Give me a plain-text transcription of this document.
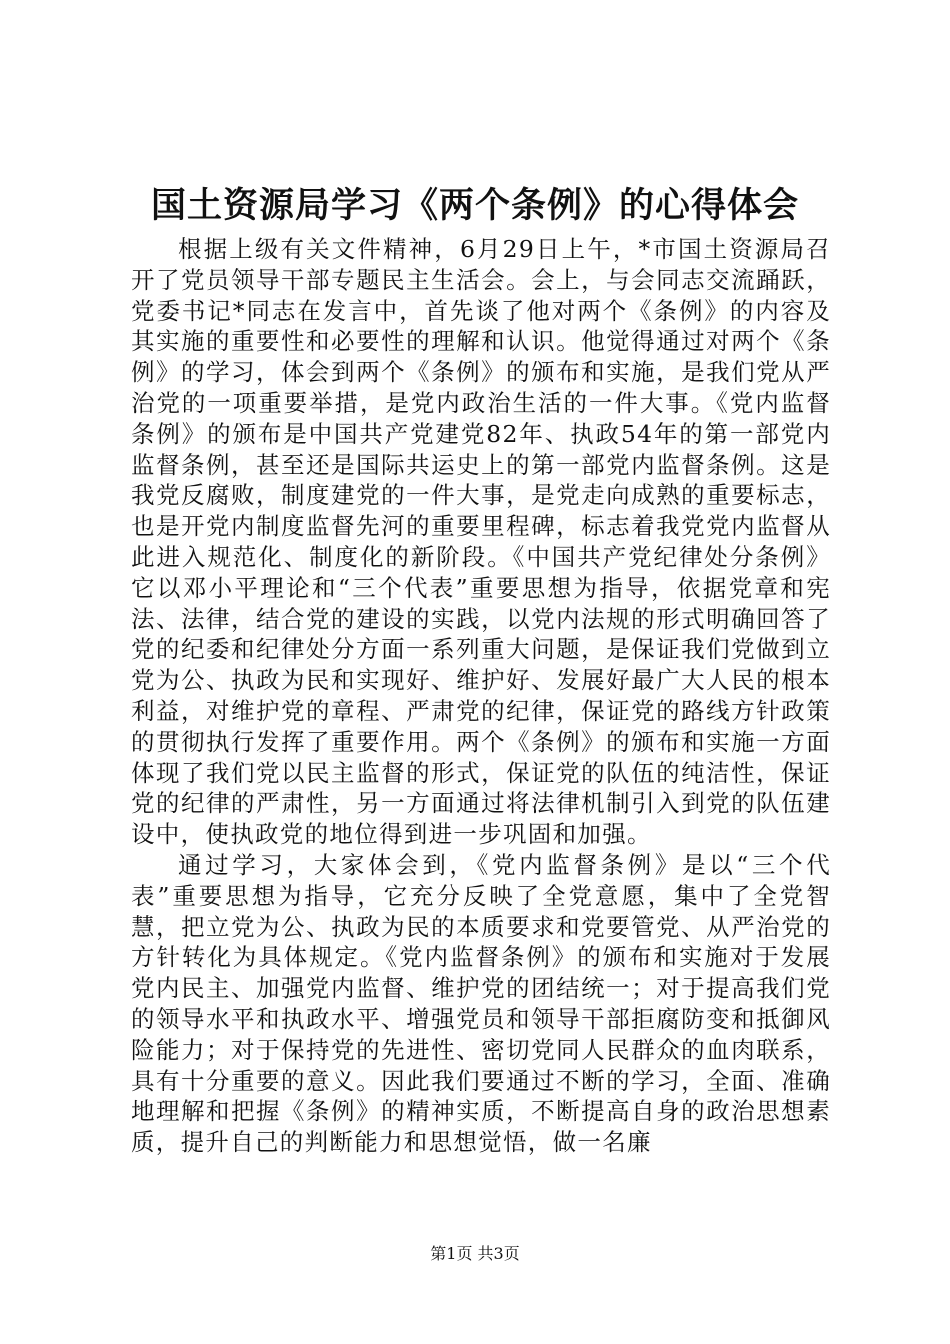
国土资源局学习《两个条例》的心得体会

根据上级有关文件精神，6月29日上午，*市国土资源局召开了党员领导干部专题民主生活会。会上，与会同志交流踊跃，党委书记*同志在发言中，首先谈了他对两个《条例》的内容及其实施的重要性和必要性的理解和认识。他觉得通过对两个《条例》的学习，体会到两个《条例》的颁布和实施，是我们党从严治党的一项重要举措，是党内政治生活的一件大事。《党内监督条例》的颁布是中国共产党建党82年、执政54年的第一部党内监督条例，甚至还是国际共运史上的第一部党内监督条例。这是我党反腐败，制度建党的一件大事，是党走向成熟的重要标志，也是开党内制度监督先河的重要里程碑，标志着我党党内监督从此进入规范化、制度化的新阶段。《中国共产党纪律处分条例》它以邓小平理论和“三个代表”重要思想为指导，依据党章和宪法、法律，结合党的建设的实践，以党内法规的形式明确回答了党的纪委和纪律处分方面一系列重大问题，是保证我们党做到立党为公、执政为民和实现好、维护好、发展好最广大人民的根本利益，对维护党的章程、严肃党的纪律，保证党的路线方针政策的贯彻执行发挥了重要作用。两个《条例》的颁布和实施一方面体现了我们党以民主监督的形式，保证党的队伍的纯洁性，保证党的纪律的严肃性，另一方面通过将法律机制引入到党的队伍建设中，使执政党的地位得到进一步巩固和加强。

通过学习，大家体会到，《党内监督条例》是以“三个代表”重要思想为指导，它充分反映了全党意愿，集中了全党智慧，把立党为公、执政为民的本质要求和党要管党、从严治党的方针转化为具体规定。《党内监督条例》的颁布和实施对于发展党内民主、加强党内监督、维护党的团结统一；对于提高我们党的领导水平和执政水平、增强党员和领导干部拒腐防变和抵御风险能力；对于保持党的先进性、密切党同人民群众的血肉联系，具有十分重要的意义。因此我们要通过不断的学习，全面、准确地理解和把握《条例》的精神实质，不断提高自身的政治思想素质，提升自己的判断能力和思想觉悟，做一名廉

第1页 共3页
